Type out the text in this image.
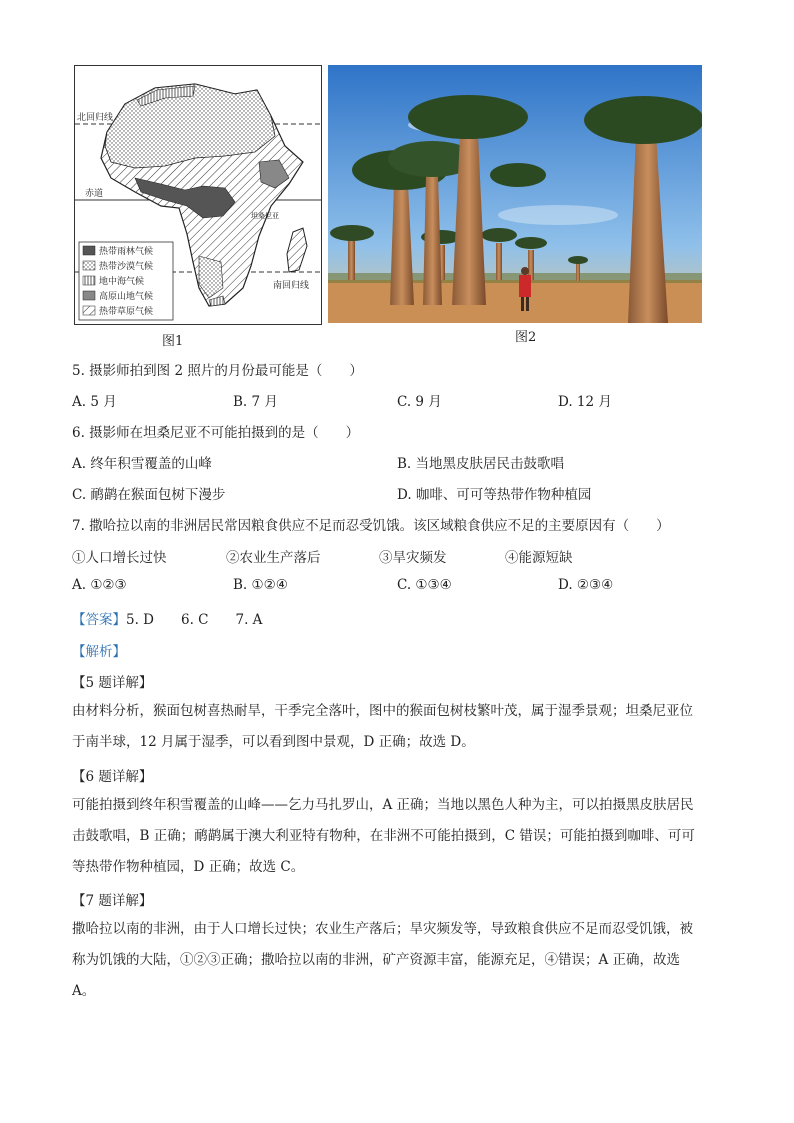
北回归线
赤道
坦桑尼亚
南回归线
热带雨林气候
热带沙漠气候
地中海气候
高原山地气候
热带草原气候
图1	图2
5. 摄影师拍到图 2 照片的月份最可能是（　　）
A. 5 月	B. 7 月	C. 9 月	D. 12 月
6. 摄影师在坦桑尼亚不可能拍摄到的是（　　）
A. 终年积雪覆盖的山峰	B. 当地黑皮肤居民击鼓歌唱
C. 鸸鹋在猴面包树下漫步	D. 咖啡、可可等热带作物种植园
7. 撒哈拉以南的非洲居民常因粮食供应不足而忍受饥饿。该区域粮食供应不足的主要原因有（　　）
①人口增长过快	②农业生产落后	③旱灾频发	④能源短缺
A. ①②③	B. ①②④	C. ①③④	D. ②③④
【答案】5. D　　6. C　　7. A
【解析】
【5 题详解】
由材料分析，猴面包树喜热耐旱，干季完全落叶，图中的猴面包树枝繁叶茂，属于湿季景观；坦桑尼亚位
于南半球，12 月属于湿季，可以看到图中景观，D 正确；故选 D。
【6 题详解】
可能拍摄到终年积雪覆盖的山峰——乞力马扎罗山，A 正确；当地以黑色人种为主，可以拍摄黑皮肤居民
击鼓歌唱，B 正确；鸸鹋属于澳大利亚特有物种，在非洲不可能拍摄到，C 错误；可能拍摄到咖啡、可可
等热带作物种植园，D 正确；故选 C。
【7 题详解】
撒哈拉以南的非洲，由于人口增长过快；农业生产落后；旱灾频发等，导致粮食供应不足而忍受饥饿，被
称为饥饿的大陆，①②③正确；撒哈拉以南的非洲，矿产资源丰富，能源充足，④错误；A 正确，故选
A。
